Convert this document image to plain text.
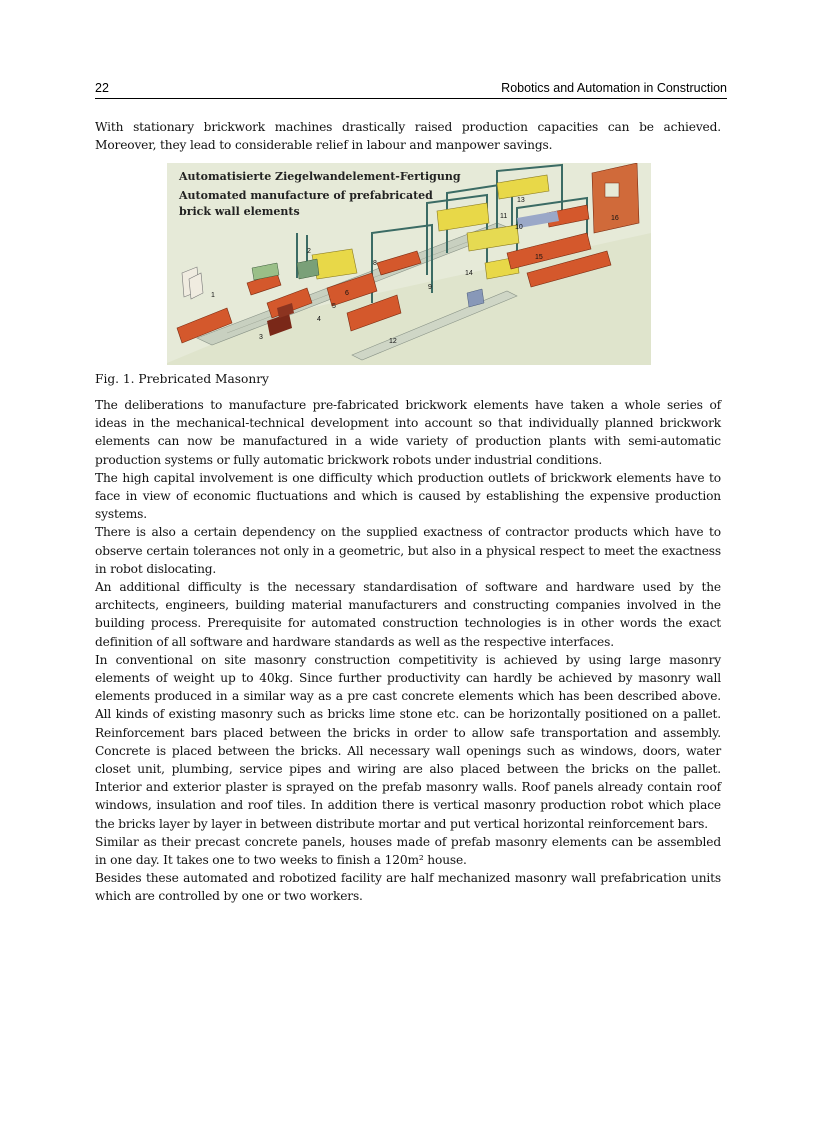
22	Robotics and Automation in Construction

With stationary brickwork machines drastically raised production capacities can be achieved. Moreover, they lead to considerable relief in labour and manpower savings.

Automatisierte Ziegelwandelement-Fertigung
Automated manufacture of prefabricated
brick wall elements
1
2
3
4
5
6
8
9
10
11
12
13
14
15
16

Fig. 1. Prebricated Masonry

The deliberations to manufacture pre-fabricated brickwork elements have taken a whole series of ideas in the mechanical-technical development into account so that individually planned brickwork elements can now be manufactured in a wide variety of production plants with semi-automatic production systems or fully automatic brickwork robots under industrial conditions.

The high capital involvement is one difficulty which production outlets of brickwork elements have to face in view of economic fluctuations and which is caused by establishing the expensive production systems.

There is also a certain dependency on the supplied exactness of contractor products which have to observe certain tolerances not only in a geometric, but also in a physical respect to meet the exactness in robot dislocating.

An additional difficulty is the necessary standardisation of software and hardware used by the architects, engineers, building material manufacturers and constructing companies involved in the building process. Prerequisite for automated construction technologies is in other words the exact definition of all software and hardware standards as well as the respective interfaces.

In conventional on site masonry construction competitivity is achieved by using large masonry elements of weight up to 40kg. Since further productivity can hardly be achieved by masonry wall elements produced in a similar way as a pre cast concrete elements which has been described above. All kinds of existing masonry such as bricks lime stone etc. can be horizontally positioned on a pallet. Reinforcement bars placed between the bricks in order to allow safe transportation and assembly. Concrete is placed between the bricks. All necessary wall openings such as windows, doors, water closet unit, plumbing, service pipes and wiring are also placed between the bricks on the pallet. Interior and exterior plaster is sprayed on the prefab masonry walls. Roof panels already contain roof windows, insulation and roof tiles. In addition there is vertical masonry production robot which place the bricks layer by layer in between distribute mortar and put vertical horizontal reinforcement bars.

Similar as their precast concrete panels, houses made of prefab masonry elements can be assembled in one day. It takes one to two weeks to finish a 120m² house.

Besides these automated and robotized facility are half mechanized masonry wall prefabrication units which are controlled by one or two workers.
